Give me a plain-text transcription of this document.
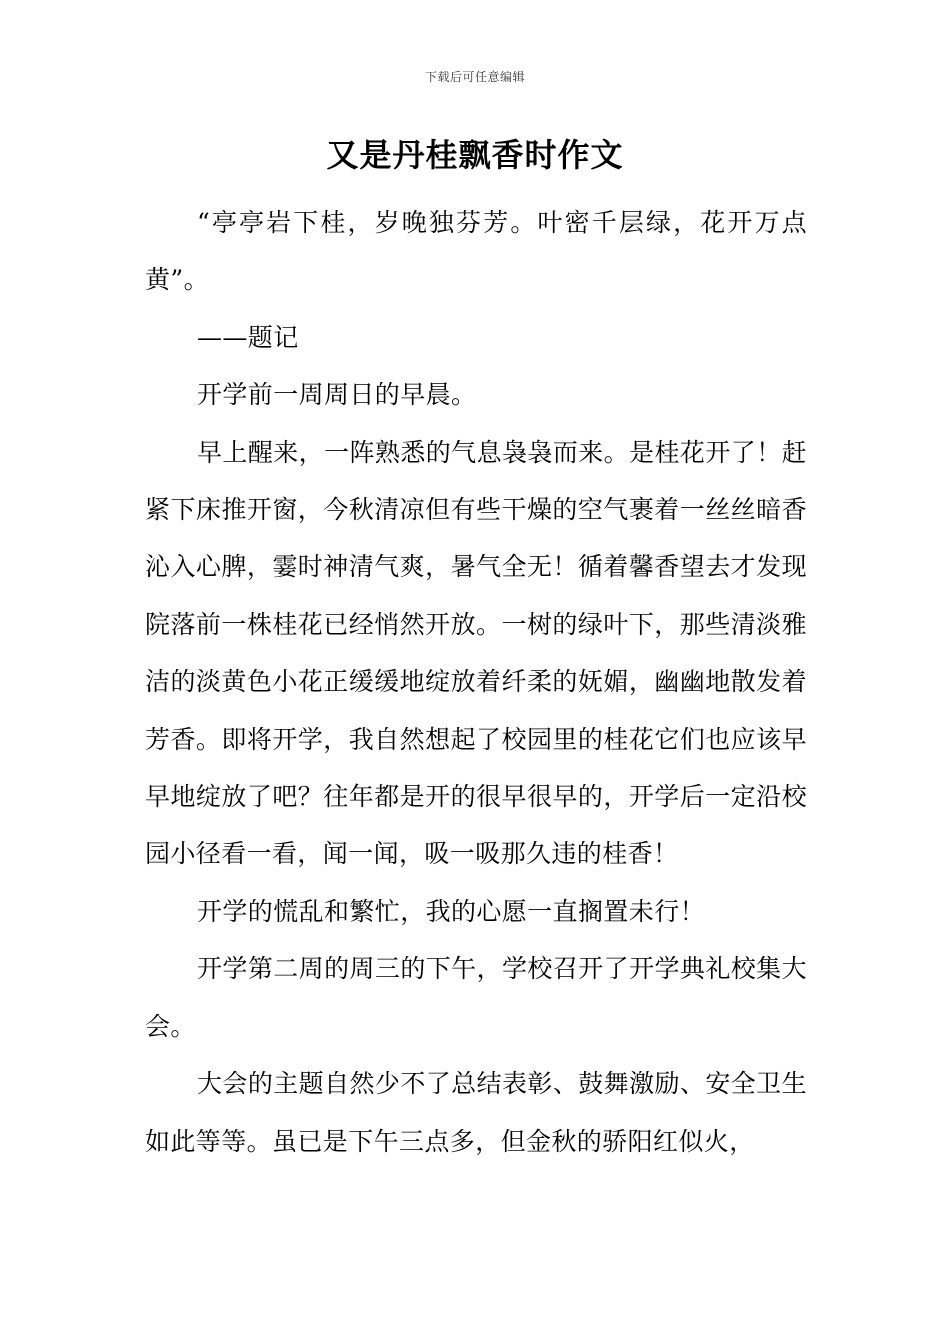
下载后可任意编辑
又是丹桂飘香时作文

“亭亭岩下桂，岁晚独芬芳。叶密千层绿，花开万点黄”。

——题记

开学前一周周日的早晨。

早上醒来，一阵熟悉的气息袅袅而来。是桂花开了！赶紧下床推开窗，今秋清凉但有些干燥的空气裹着一丝丝暗香沁入心脾，霎时神清气爽，暑气全无！循着馨香望去才发现院落前一株桂花已经悄然开放。一树的绿叶下，那些清淡雅洁的淡黄色小花正缓缓地绽放着纤柔的妩媚，幽幽地散发着芳香。即将开学，我自然想起了校园里的桂花它们也应该早早地绽放了吧？往年都是开的很早很早的，开学后一定沿校园小径看一看，闻一闻，吸一吸那久违的桂香！

开学的慌乱和繁忙，我的心愿一直搁置未行！

开学第二周的周三的下午，学校召开了开学典礼校集大会。

大会的主题自然少不了总结表彰、鼓舞激励、安全卫生如此等等。虽已是下午三点多，但金秋的骄阳红似火，
